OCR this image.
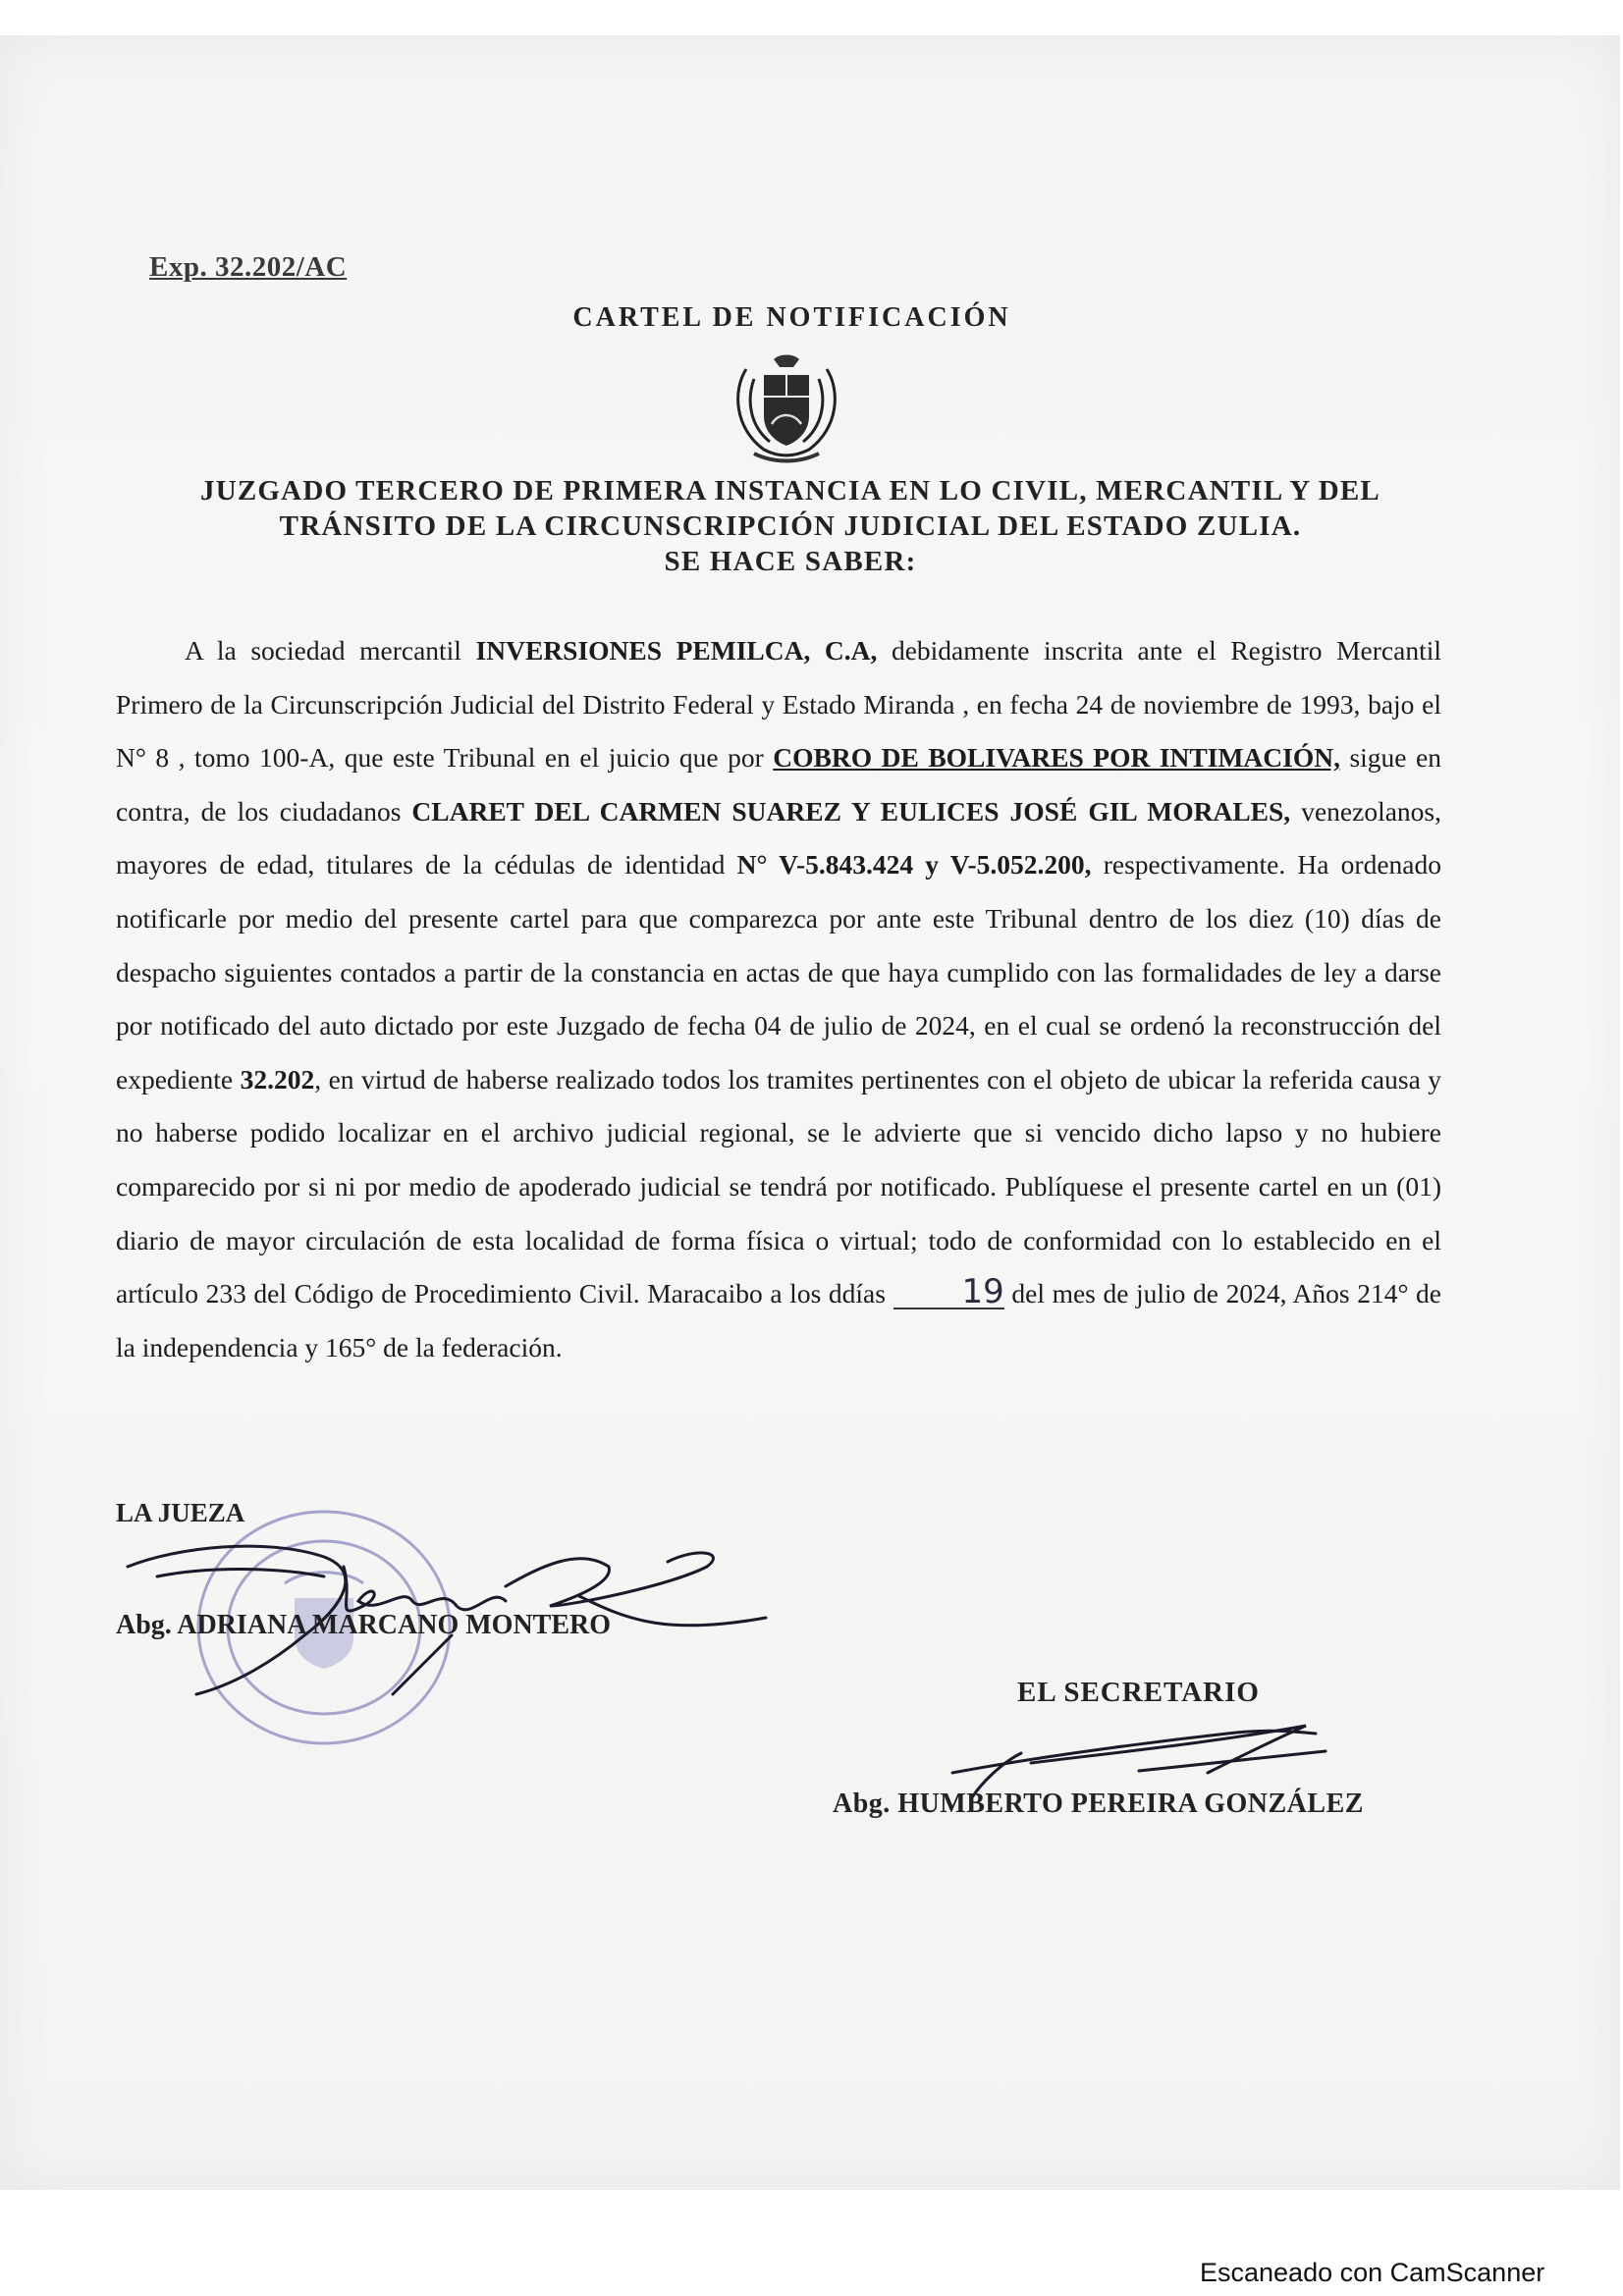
Exp. 32.202/AC
CARTEL DE NOTIFICACIÓN
JUZGADO TERCERO DE PRIMERA INSTANCIA EN LO CIVIL, MERCANTIL Y DEL
TRÁNSITO DE LA CIRCUNSCRIPCIÓN JUDICIAL DEL ESTADO ZULIA.
SE HACE SABER:
A la sociedad mercantil INVERSIONES PEMILCA, C.A, debidamente inscrita ante el Registro Mercantil Primero de la Circunscripción Judicial del Distrito Federal y Estado Miranda , en fecha 24 de noviembre de 1993, bajo el N° 8 , tomo 100-A, que este Tribunal en el juicio que por COBRO DE BOLIVARES POR INTIMACIÓN, sigue en contra, de los ciudadanos CLARET DEL CARMEN SUAREZ Y EULICES JOSÉ GIL MORALES, venezolanos, mayores de edad, titulares de la cédulas de identidad N° V-5.843.424 y V-5.052.200, respectivamente. Ha ordenado notificarle por medio del presente cartel para que comparezca por ante este Tribunal dentro de los diez (10) días de despacho siguientes contados a partir de la constancia en actas de que haya cumplido con las formalidades de ley a darse por notificado del auto dictado por este Juzgado de fecha 04 de julio de 2024, en el cual se ordenó la reconstrucción del expediente 32.202, en virtud de haberse realizado todos los tramites pertinentes con el objeto de ubicar la referida causa y no haberse podido localizar en el archivo judicial regional, se le advierte que si vencido dicho lapso y no hubiere comparecido por si ni por medio de apoderado judicial se tendrá por notificado. Publíquese el presente cartel en un (01) diario de mayor circulación de esta localidad de forma física o virtual; todo de conformidad con lo establecido en el artículo 233 del Código de Procedimiento Civil. Maracaibo a los ddías 19 del mes de julio de 2024, Años 214° de la independencia y 165° de la federación.
LA JUEZA
Abg. ADRIANA MARCANO MONTERO
EL SECRETARIO
Abg. HUMBERTO PEREIRA GONZÁLEZ
Escaneado con CamScanner
